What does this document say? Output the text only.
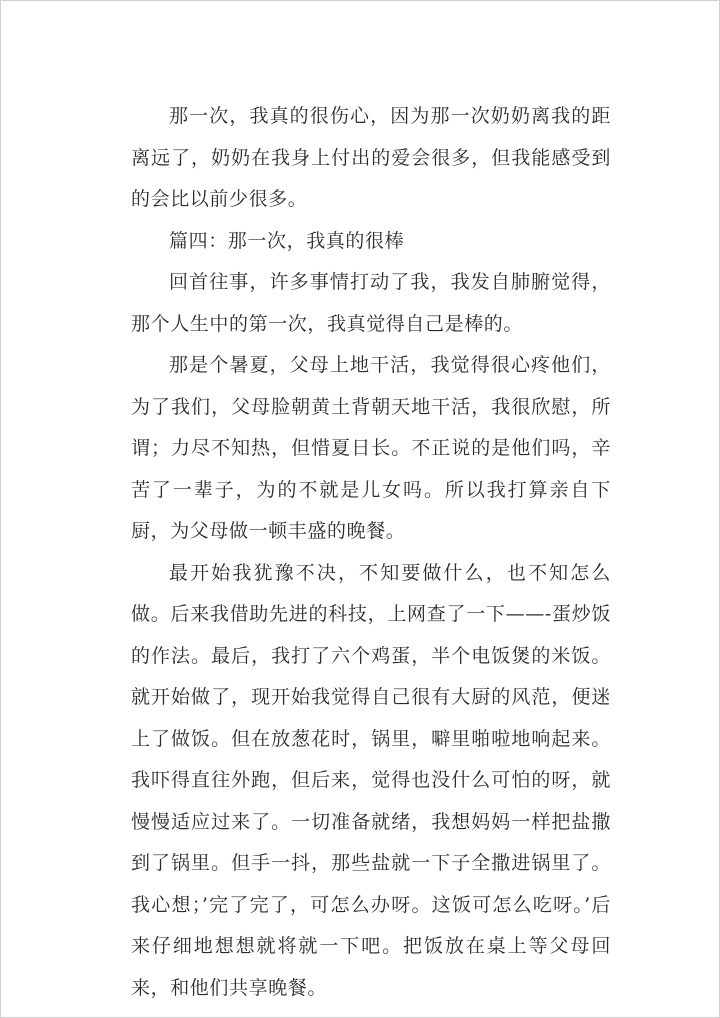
那一次，我真的很伤心，因为那一次奶奶离我的距离远了，奶奶在我身上付出的爱会很多，但我能感受到的会比以前少很多。

篇四：那一次，我真的很棒

回首往事，许多事情打动了我，我发自肺腑觉得，那个人生中的第一次，我真觉得自己是棒的。

那是个暑夏，父母上地干活，我觉得很心疼他们，为了我们，父母脸朝黄土背朝天地干活，我很欣慰，所谓；力尽不知热，但惜夏日长。不正说的是他们吗，辛苦了一辈子，为的不就是儿女吗。所以我打算亲自下厨，为父母做一顿丰盛的晚餐。

最开始我犹豫不决，不知要做什么，也不知怎么做。后来我借助先进的科技，上网查了一下——-蛋炒饭的作法。最后，我打了六个鸡蛋，半个电饭煲的米饭。就开始做了，现开始我觉得自己很有大厨的风范，便迷上了做饭。但在放葱花时，锅里，噼里啪啦地响起来。我吓得直往外跑，但后来，觉得也没什么可怕的呀，就慢慢适应过来了。一切准备就绪，我想妈妈一样把盐撒到了锅里。但手一抖，那些盐就一下子全撒进锅里了。我心想；’完了完了，可怎么办呀。这饭可怎么吃呀。’后来仔细地想想就将就一下吧。把饭放在桌上等父母回来，和他们共享晚餐。
